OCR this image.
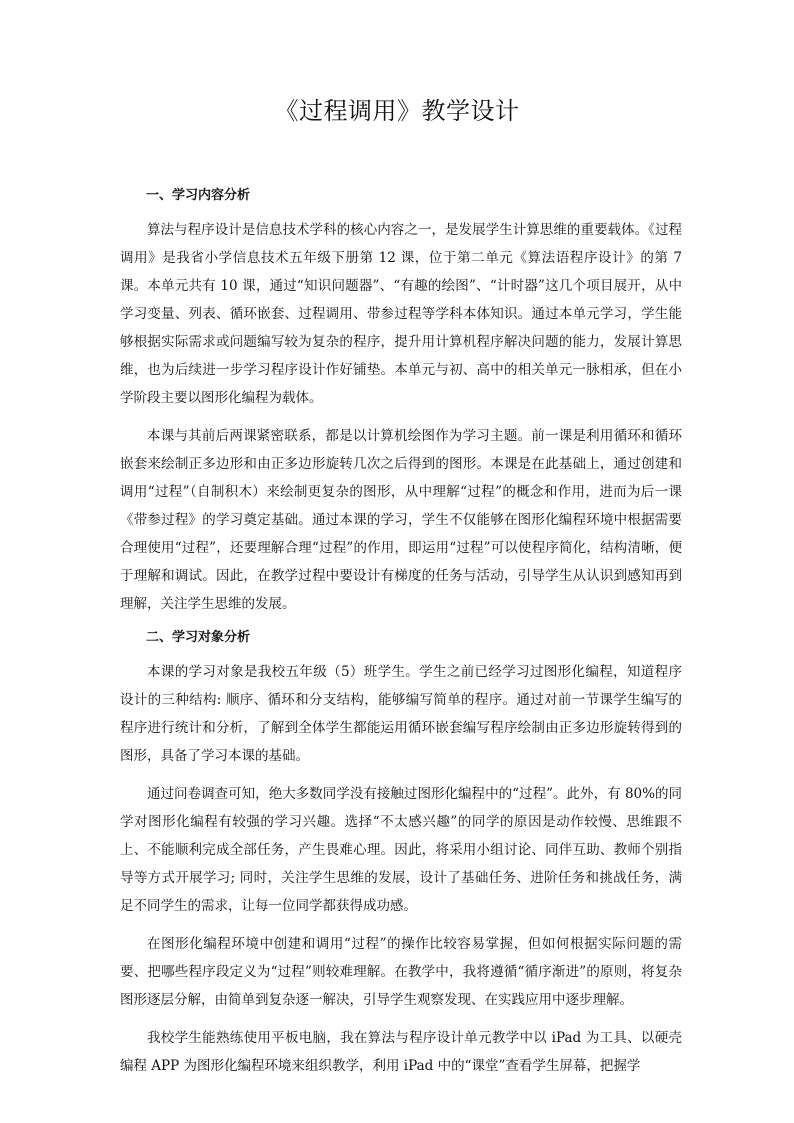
《过程调用》教学设计
一、学习内容分析

算法与程序设计是信息技术学科的核心内容之一，是发展学生计算思维的重要载体。《过程调用》是我省小学信息技术五年级下册第 12 课，位于第二单元《算法语程序设计》的第 7 课。本单元共有 10 课，通过“知识问题器”、“有趣的绘图”、“计时器”这几个项目展开，从中学习变量、列表、循环嵌套、过程调用、带参过程等学科本体知识。通过本单元学习，学生能够根据实际需求或问题编写较为复杂的程序，提升用计算机程序解决问题的能力，发展计算思维，也为后续进一步学习程序设计作好铺垫。本单元与初、高中的相关单元一脉相承，但在小学阶段主要以图形化编程为载体。

本课与其前后两课紧密联系，都是以计算机绘图作为学习主题。前一课是利用循环和循环嵌套来绘制正多边形和由正多边形旋转几次之后得到的图形。本课是在此基础上，通过创建和调用“过程”（自制积木）来绘制更复杂的图形，从中理解“过程”的概念和作用，进而为后一课《带参过程》的学习奠定基础。通过本课的学习，学生不仅能够在图形化编程环境中根据需要合理使用“过程”，还要理解合理“过程”的作用，即运用“过程”可以使程序简化，结构清晰，便于理解和调试。因此，在教学过程中要设计有梯度的任务与活动，引导学生从认识到感知再到理解，关注学生思维的发展。

二、学习对象分析

本课的学习对象是我校五年级（5）班学生。学生之前已经学习过图形化编程，知道程序设计的三种结构: 顺序、循环和分支结构，能够编写简单的程序。通过对前一节课学生编写的程序进行统计和分析，了解到全体学生都能运用循环嵌套编写程序绘制由正多边形旋转得到的图形，具备了学习本课的基础。

通过问卷调查可知，绝大多数同学没有接触过图形化编程中的“过程”。此外，有 80%的同学对图形化编程有较强的学习兴趣。选择“不太感兴趣”的同学的原因是动作较慢、思维跟不上、不能顺利完成全部任务，产生畏难心理。因此，将采用小组讨论、同伴互助、教师个别指导等方式开展学习; 同时，关注学生思维的发展，设计了基础任务、进阶任务和挑战任务，满足不同学生的需求，让每一位同学都获得成功感。

在图形化编程环境中创建和调用“过程”的操作比较容易掌握，但如何根据实际问题的需要、把哪些程序段定义为“过程”则较难理解。在教学中，我将遵循“循序渐进”的原则，将复杂图形逐层分解，由简单到复杂逐一解决，引导学生观察发现、在实践应用中逐步理解。

我校学生能熟练使用平板电脑，我在算法与程序设计单元教学中以 iPad 为工具、以硬壳编程 APP 为图形化编程环境来组织教学，利用 iPad 中的“课堂”查看学生屏幕，把握学
